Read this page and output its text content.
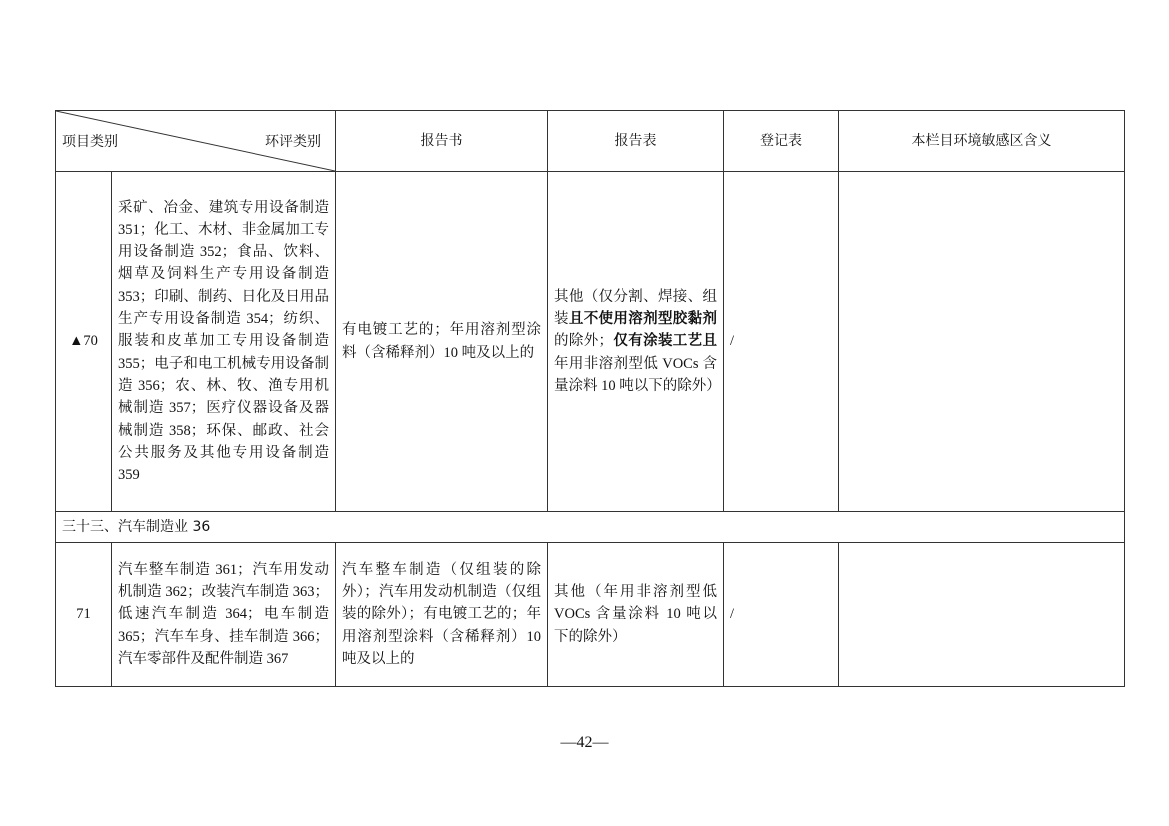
项目类别 环评类别		报告书	报告表	登记表	本栏目环境敏感区含义
▲70	采矿、冶金、建筑专用设备制造 351；化工、木材、非金属加工专用设备制造 352；食品、饮料、烟草及饲料生产专用设备制造 353；印刷、制药、日化及日用品生产专用设备制造 354；纺织、服装和皮革加工专用设备制造 355；电子和电工机械专用设备制造 356；农、林、牧、渔专用机械制造 357；医疗仪器设备及器械制造 358；环保、邮政、社会公共服务及其他专用设备制造 359	有电镀工艺的；年用溶剂型涂料（含稀释剂）10 吨及以上的	其他（仅分割、焊接、组装且不使用溶剂型胶黏剂的除外；仅有涂装工艺且年用非溶剂型低 VOCs 含量涂料 10 吨以下的除外）	/	
三十三、汽车制造业 36					
71	汽车整车制造 361；汽车用发动机制造 362；改装汽车制造 363；低速汽车制造 364；电车制造 365；汽车车身、挂车制造 366；汽车零部件及配件制造 367	汽车整车制造（仅组装的除外）；汽车用发动机制造（仅组装的除外）；有电镀工艺的；年用溶剂型涂料（含稀释剂）10 吨及以上的	其他（年用非溶剂型低 VOCs 含量涂料 10 吨以下的除外）	/	
—42—
